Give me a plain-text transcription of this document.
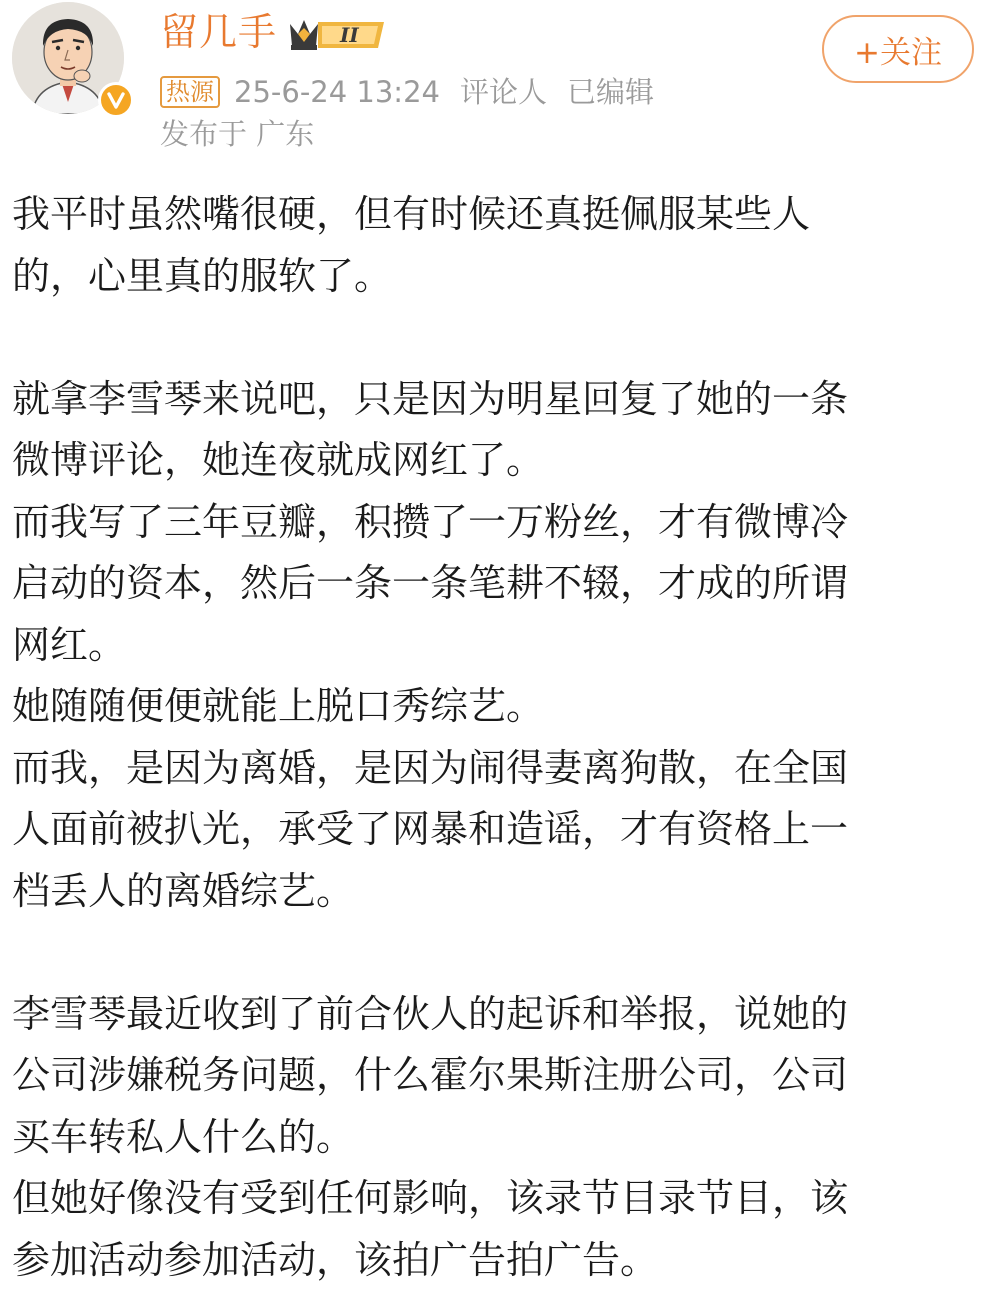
留几手	II
热源 25-6-24 13:24 评论人 已编辑
发布于 广东
+关注

我平时虽然嘴很硬，但有时候还真挺佩服某些人

的，心里真的服软了。

就拿李雪琴来说吧，只是因为明星回复了她的一条

微博评论，她连夜就成网红了。

而我写了三年豆瓣，积攒了一万粉丝，才有微博冷

启动的资本，然后一条一条笔耕不辍，才成的所谓

网红。

她随随便便就能上脱口秀综艺。

而我，是因为离婚，是因为闹得妻离狗散，在全国

人面前被扒光，承受了网暴和造谣，才有资格上一

档丢人的离婚综艺。

李雪琴最近收到了前合伙人的起诉和举报，说她的

公司涉嫌税务问题，什么霍尔果斯注册公司，公司

买车转私人什么的。

但她好像没有受到任何影响，该录节目录节目，该

参加活动参加活动，该拍广告拍广告。
